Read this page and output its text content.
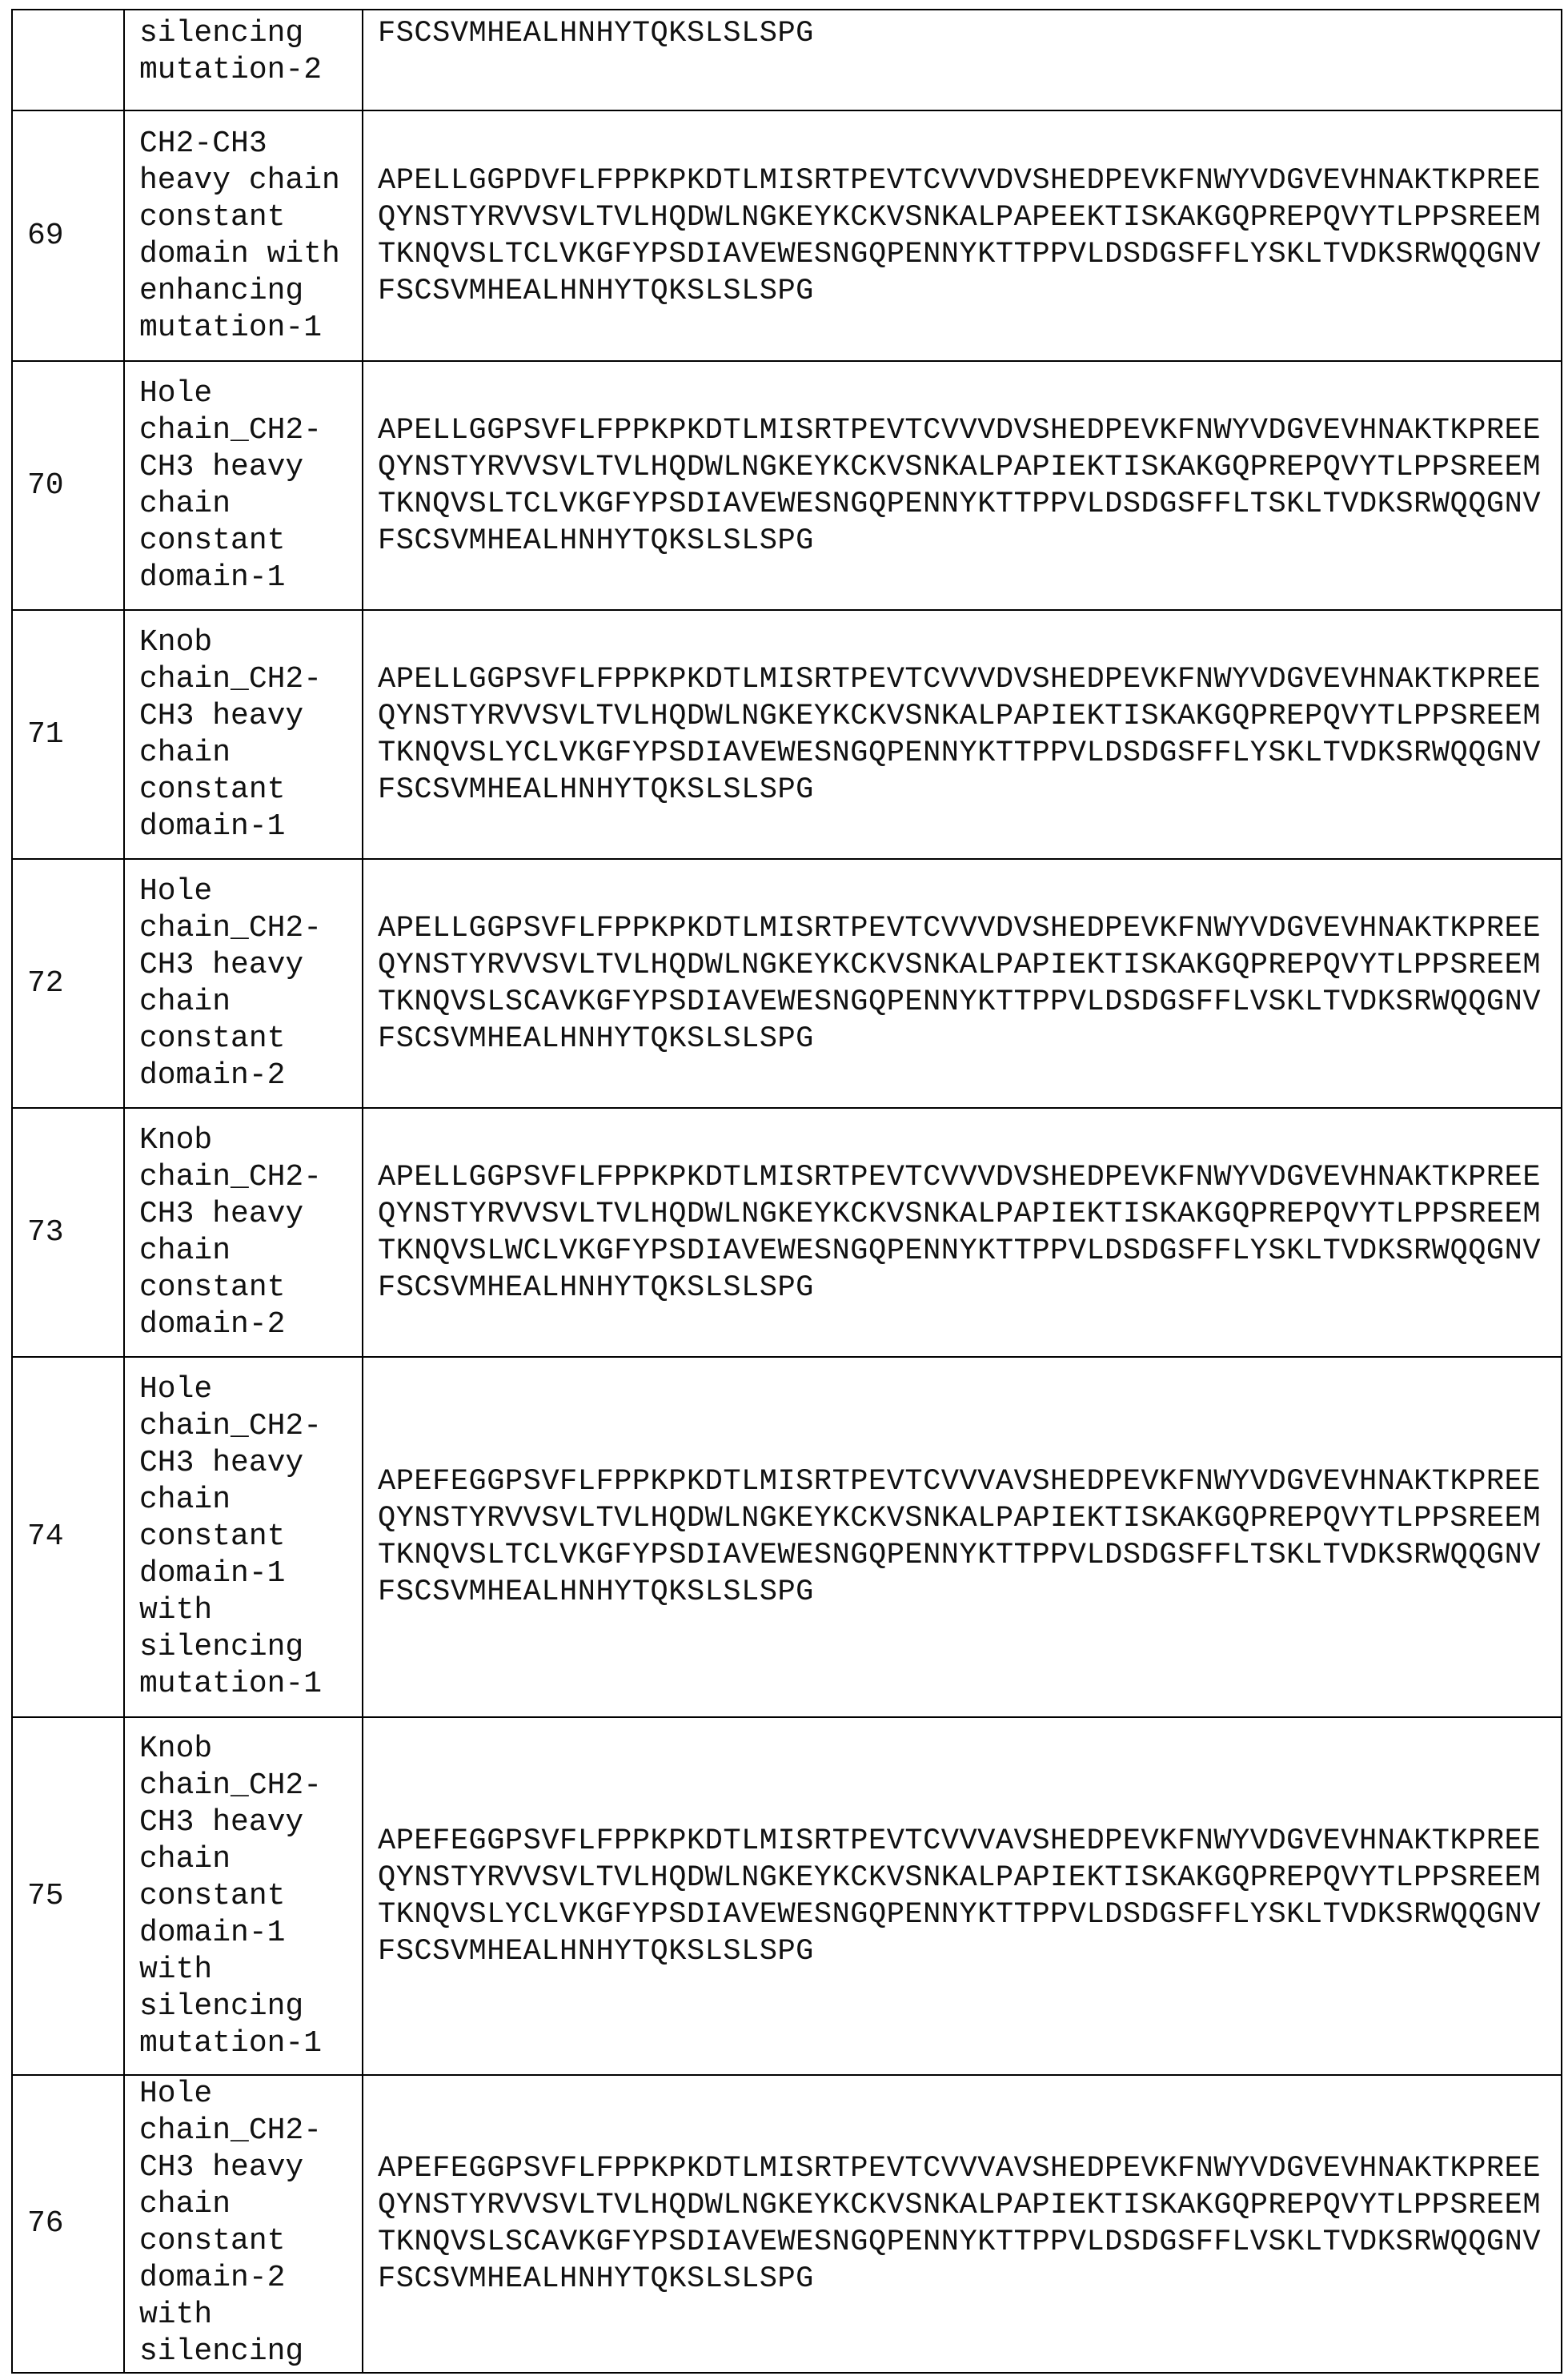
	silencing
mutation-2	FSCSVMHEALHNHYTQKSLSLSPG
69	CH2-CH3
heavy chain
constant
domain with
enhancing
mutation-1	APELLGGPDVFLFPPKPKDTLMISRTPEVTCVVVDVSHEDPEVKFNWYVDGVEVHNAKTKPREE
QYNSTYRVVSVLTVLHQDWLNGKEYKCKVSNKALPAPEEKTISKAKGQPREPQVYTLPPSREEM
TKNQVSLTCLVKGFYPSDIAVEWESNGQPENNYKTTPPVLDSDGSFFLYSKLTVDKSRWQQGNV
FSCSVMHEALHNHYTQKSLSLSPG
70	Hole
chain_CH2-
CH3 heavy
chain
constant
domain-1	APELLGGPSVFLFPPKPKDTLMISRTPEVTCVVVDVSHEDPEVKFNWYVDGVEVHNAKTKPREE
QYNSTYRVVSVLTVLHQDWLNGKEYKCKVSNKALPAPIEKTISKAKGQPREPQVYTLPPSREEM
TKNQVSLTCLVKGFYPSDIAVEWESNGQPENNYKTTPPVLDSDGSFFLTSKLTVDKSRWQQGNV
FSCSVMHEALHNHYTQKSLSLSPG
71	Knob
chain_CH2-
CH3 heavy
chain
constant
domain-1	APELLGGPSVFLFPPKPKDTLMISRTPEVTCVVVDVSHEDPEVKFNWYVDGVEVHNAKTKPREE
QYNSTYRVVSVLTVLHQDWLNGKEYKCKVSNKALPAPIEKTISKAKGQPREPQVYTLPPSREEM
TKNQVSLYCLVKGFYPSDIAVEWESNGQPENNYKTTPPVLDSDGSFFLYSKLTVDKSRWQQGNV
FSCSVMHEALHNHYTQKSLSLSPG
72	Hole
chain_CH2-
CH3 heavy
chain
constant
domain-2	APELLGGPSVFLFPPKPKDTLMISRTPEVTCVVVDVSHEDPEVKFNWYVDGVEVHNAKTKPREE
QYNSTYRVVSVLTVLHQDWLNGKEYKCKVSNKALPAPIEKTISKAKGQPREPQVYTLPPSREEM
TKNQVSLSCAVKGFYPSDIAVEWESNGQPENNYKTTPPVLDSDGSFFLVSKLTVDKSRWQQGNV
FSCSVMHEALHNHYTQKSLSLSPG
73	Knob
chain_CH2-
CH3 heavy
chain
constant
domain-2	APELLGGPSVFLFPPKPKDTLMISRTPEVTCVVVDVSHEDPEVKFNWYVDGVEVHNAKTKPREE
QYNSTYRVVSVLTVLHQDWLNGKEYKCKVSNKALPAPIEKTISKAKGQPREPQVYTLPPSREEM
TKNQVSLWCLVKGFYPSDIAVEWESNGQPENNYKTTPPVLDSDGSFFLYSKLTVDKSRWQQGNV
FSCSVMHEALHNHYTQKSLSLSPG
74	Hole
chain_CH2-
CH3 heavy
chain
constant
domain-1
with
silencing
mutation-1	APEFEGGPSVFLFPPKPKDTLMISRTPEVTCVVVAVSHEDPEVKFNWYVDGVEVHNAKTKPREE
QYNSTYRVVSVLTVLHQDWLNGKEYKCKVSNKALPAPIEKTISKAKGQPREPQVYTLPPSREEM
TKNQVSLTCLVKGFYPSDIAVEWESNGQPENNYKTTPPVLDSDGSFFLTSKLTVDKSRWQQGNV
FSCSVMHEALHNHYTQKSLSLSPG
75	Knob
chain_CH2-
CH3 heavy
chain
constant
domain-1
with
silencing
mutation-1	APEFEGGPSVFLFPPKPKDTLMISRTPEVTCVVVAVSHEDPEVKFNWYVDGVEVHNAKTKPREE
QYNSTYRVVSVLTVLHQDWLNGKEYKCKVSNKALPAPIEKTISKAKGQPREPQVYTLPPSREEM
TKNQVSLYCLVKGFYPSDIAVEWESNGQPENNYKTTPPVLDSDGSFFLYSKLTVDKSRWQQGNV
FSCSVMHEALHNHYTQKSLSLSPG
76	Hole
chain_CH2-
CH3 heavy
chain
constant
domain-2
with
silencing	APEFEGGPSVFLFPPKPKDTLMISRTPEVTCVVVAVSHEDPEVKFNWYVDGVEVHNAKTKPREE
QYNSTYRVVSVLTVLHQDWLNGKEYKCKVSNKALPAPIEKTISKAKGQPREPQVYTLPPSREEM
TKNQVSLSCAVKGFYPSDIAVEWESNGQPENNYKTTPPVLDSDGSFFLVSKLTVDKSRWQQGNV
FSCSVMHEALHNHYTQKSLSLSPG
